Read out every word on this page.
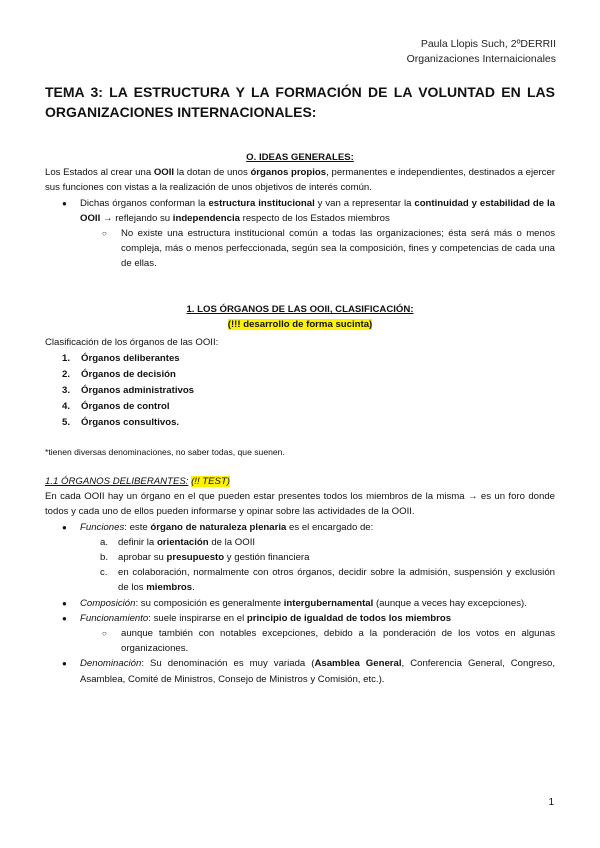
Paula Llopis Such, 2ºDERRII
Organizaciones Internaicionales
TEMA 3: LA ESTRUCTURA Y LA FORMACIÓN DE LA VOLUNTAD EN LAS ORGANIZACIONES INTERNACIONALES:
O. IDEAS GENERALES:
Los Estados al crear una OOII la dotan de unos órganos propios, permanentes e independientes, destinados a ejercer sus funciones con vistas a la realización de unos objetivos de interés común.
● Dichas órganos conforman la estructura institucional y van a representar la continuidad y estabilidad de la OOII → reflejando su independencia respecto de los Estados miembros
○ No existe una estructura institucional común a todas las organizaciones; ésta será más o menos compleja, más o menos perfeccionada, según sea la composición, fines y competencias de cada una de ellas.
1. LOS ÓRGANOS DE LAS OOII, CLASIFICACIÓN:
(!!! desarrollo de forma sucinta)
Clasificación de los órganos de las OOII:
1. Órganos deliberantes
2. Órganos de decisión
3. Órganos administrativos
4. Órganos de control
5. Órganos consultivos.
*tienen diversas denominaciones, no saber todas, que suenen.
1.1 ÓRGANOS DELIBERANTES: (!! TEST)
En cada OOII hay un órgano en el que pueden estar presentes todos los miembros de la misma → es un foro donde todos y cada uno de ellos pueden informarse y opinar sobre las actividades de la OOII.
● Funciones: este órgano de naturaleza plenaria es el encargado de:
a. definir la orientación de la OOII
b. aprobar su presupuesto y gestión financiera
c. en colaboración, normalmente con otros órganos, decidir sobre la admisión, suspensión y exclusión de los miembros.
● Composición: su composición es generalmente intergubernamental (aunque a veces hay excepciones).
● Funcionamiento: suele inspirarse en el principio de igualdad de todos los miembros
○ aunque también con notables excepciones, debido a la ponderación de los votos en algunas organizaciones.
● Denominación: Su denominación es muy variada (Asamblea General, Conferencia General, Congreso, Asamblea, Comité de Ministros, Consejo de Ministros y Comisión, etc.).
1
